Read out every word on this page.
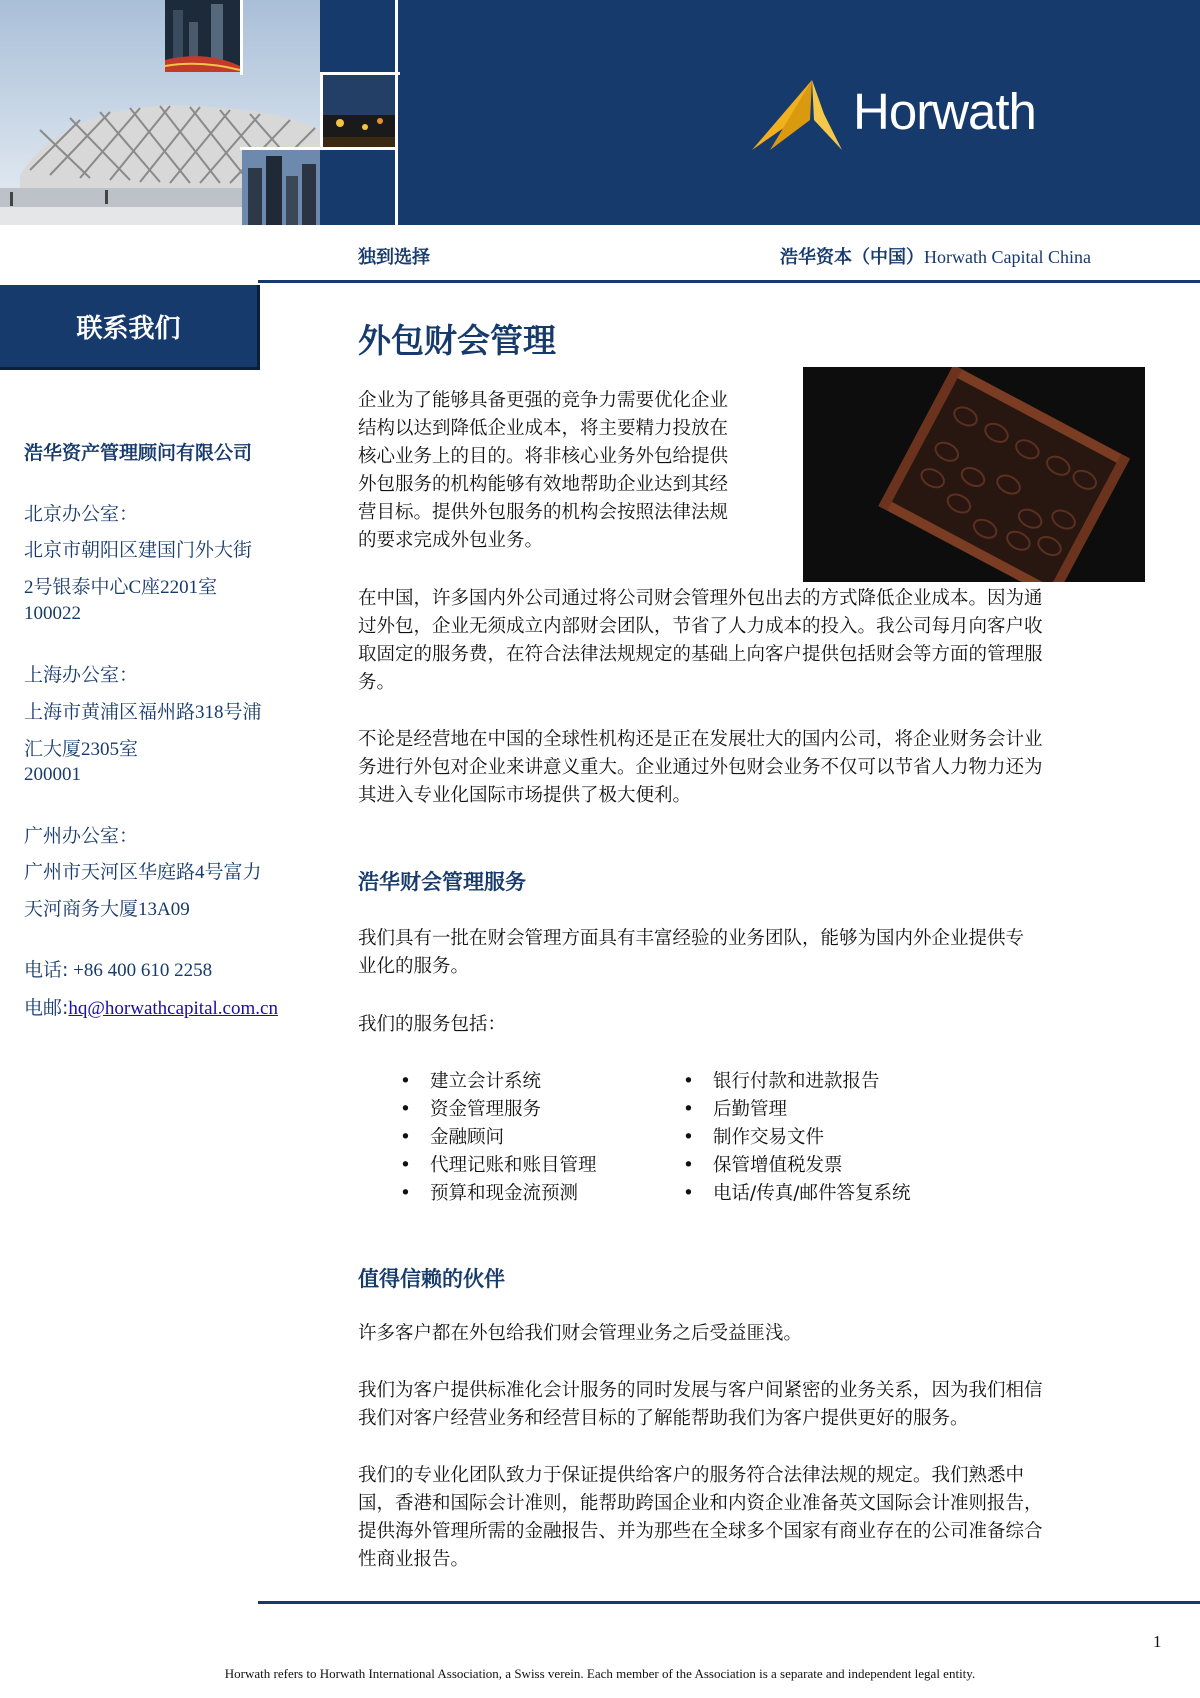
Horwath
独到选择	浩华资本（中国）Horwath Capital China
联系我们
浩华资产管理顾问有限公司
北京办公室：
北京市朝阳区建国门外大街
2号银泰中心C座2201室
100022
上海办公室：
上海市黄浦区福州路318号浦
汇大厦2305室
200001
广州办公室：
广州市天河区华庭路4号富力
天河商务大厦13A09
电话: +86 400 610 2258
电邮:hq@horwathcapital.com.cn
外包财会管理
企业为了能够具备更强的竞争力需要优化企业
结构以达到降低企业成本，将主要精力投放在
核心业务上的目的。将非核心业务外包给提供
外包服务的机构能够有效地帮助企业达到其经
营目标。提供外包服务的机构会按照法律法规
的要求完成外包业务。
在中国，许多国内外公司通过将公司财会管理外包出去的方式降低企业成本。因为通
过外包，企业无须成立内部财会团队，节省了人力成本的投入。我公司每月向客户收
取固定的服务费，在符合法律法规规定的基础上向客户提供包括财会等方面的管理服
务。
不论是经营地在中国的全球性机构还是正在发展壮大的国内公司，将企业财务会计业
务进行外包对企业来讲意义重大。企业通过外包财会业务不仅可以节省人力物力还为
其进入专业化国际市场提供了极大便利。
浩华财会管理服务
我们具有一批在财会管理方面具有丰富经验的业务团队，能够为国内外企业提供专
业化的服务。
我们的服务包括：
• 建立会计系统
• 资金管理服务
• 金融顾问
• 代理记账和账目管理
• 预算和现金流预测
• 银行付款和进款报告
• 后勤管理
• 制作交易文件
• 保管增值税发票
• 电话/传真/邮件答复系统
值得信赖的伙伴
许多客户都在外包给我们财会管理业务之后受益匪浅。
我们为客户提供标准化会计服务的同时发展与客户间紧密的业务关系，因为我们相信
我们对客户经营业务和经营目标的了解能帮助我们为客户提供更好的服务。
我们的专业化团队致力于保证提供给客户的服务符合法律法规的规定。我们熟悉中
国，香港和国际会计准则，能帮助跨国企业和内资企业准备英文国际会计准则报告，
提供海外管理所需的金融报告、并为那些在全球多个国家有商业存在的公司准备综合
性商业报告。
1
Horwath refers to Horwath International Association, a Swiss verein. Each member of the Association is a separate and independent legal entity.
